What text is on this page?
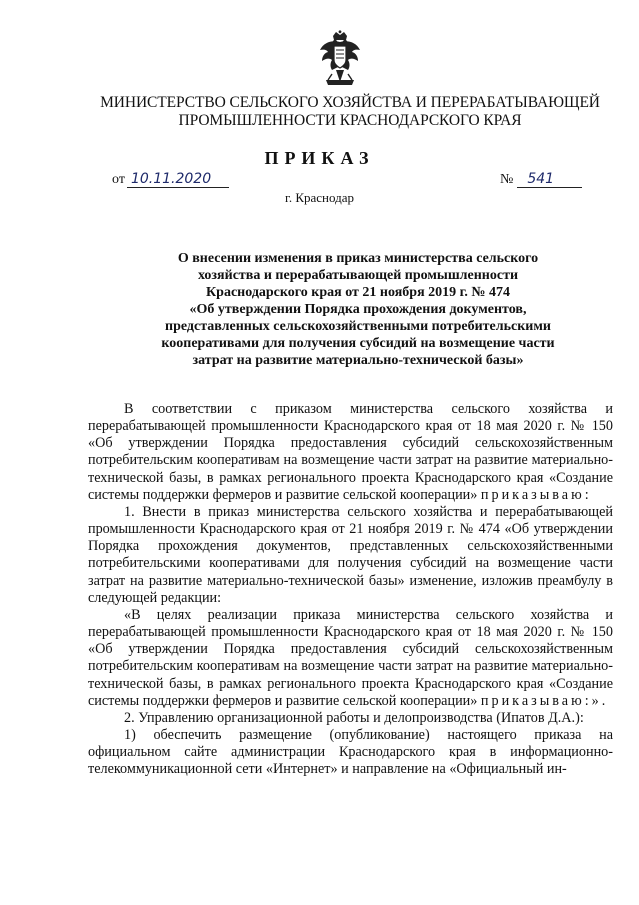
МИНИСТЕРСТВО СЕЛЬСКОГО ХОЗЯЙСТВА И ПЕРЕРАБАТЫВАЮЩЕЙ
ПРОМЫШЛЕННОСТИ КРАСНОДАРСКОГО КРАЯ
ПРИКАЗ
от 10.11.2020	№ 541
г. Краснодар
О внесении изменения в приказ министерства сельского
хозяйства и перерабатывающей промышленности
Краснодарского края от 21 ноября 2019 г. № 474
«Об утверждении Порядка прохождения документов,
представленных сельскохозяйственными потребительскими
кооперативами для получения субсидий на возмещение части
затрат на развитие материально-технической базы»

В соответствии с приказом министерства сельского хозяйства и перерабатывающей промышленности Краснодарского края от 18 мая 2020 г. № 150 «Об утверждении Порядка предоставления субсидий сельскохозяйственным потребительским кооперативам на возмещение части затрат на развитие материально-технической базы, в рамках регионального проекта Краснодарского края «Создание системы поддержки фермеров и развитие сельской кооперации» приказываю:

1. Внести в приказ министерства сельского хозяйства и перерабатывающей промышленности Краснодарского края от 21 ноября 2019 г. № 474 «Об утверждении Порядка прохождения документов, представленных сельскохозяйственными потребительскими кооперативами для получения субсидий на возмещение части затрат на развитие материально-технической базы» изменение, изложив преамбулу в следующей редакции:

«В целях реализации приказа министерства сельского хозяйства и перерабатывающей промышленности Краснодарского края от 18 мая 2020 г. № 150 «Об утверждении Порядка предоставления субсидий сельскохозяйственным потребительским кооперативам на возмещение части затрат на развитие материально-технической базы, в рамках регионального проекта Краснодарского края «Создание системы поддержки фермеров и развитие сельской кооперации» приказываю:».

2. Управлению организационной работы и делопроизводства (Ипатов Д.А.):

1) обеспечить размещение (опубликование) настоящего приказа на официальном сайте администрации Краснодарского края в информационно-телекоммуникационной сети «Интернет» и направление на «Официальный ин-
